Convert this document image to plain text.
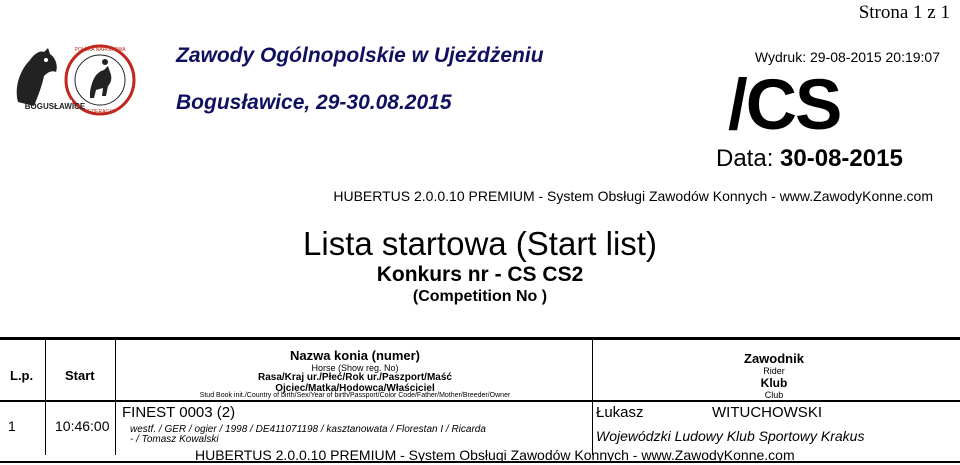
Strona 1 z 1
POLSKA NARODOWA
FEDERACJA
BOGUSŁAWICE
Zawody Ogólnopolskie w Ujeżdżeniu
Bogusławice, 29-30.08.2015
Wydruk: 29-08-2015 20:19:07
/CS
Data: 30-08-2015
HUBERTUS 2.0.0.10 PREMIUM - System Obsługi Zawodów Konnych - www.ZawodyKonne.com
Lista startowa (Start list)
Konkurs nr - CS CS2
(Competition No )
L.p. Start
Nazwa konia (numer)
Horse (Show reg. No)
Rasa/Kraj ur./Płeć/Rok ur./Paszport/Maść
Ojciec/Matka/Hodowca/Właściciel
Stud Book init./Country of birth/Sex/Year of birth/Passport/Color Code/Father/Mother/Breeder/Owner
Zawodnik
Rider
Klub
Club
1	10:46:00
FINEST 0003 (2)
westf. / GER / ogier / 1998 / DE411071198 / kasztanowata / Florestan I / Ricarda
- / Tomasz Kowalski
Łukasz	WITUCHOWSKI
Wojewódzki Ludowy Klub Sportowy Krakus
HUBERTUS 2.0.0.10 PREMIUM - System Obsługi Zawodów Konnych - www.ZawodyKonne.com
